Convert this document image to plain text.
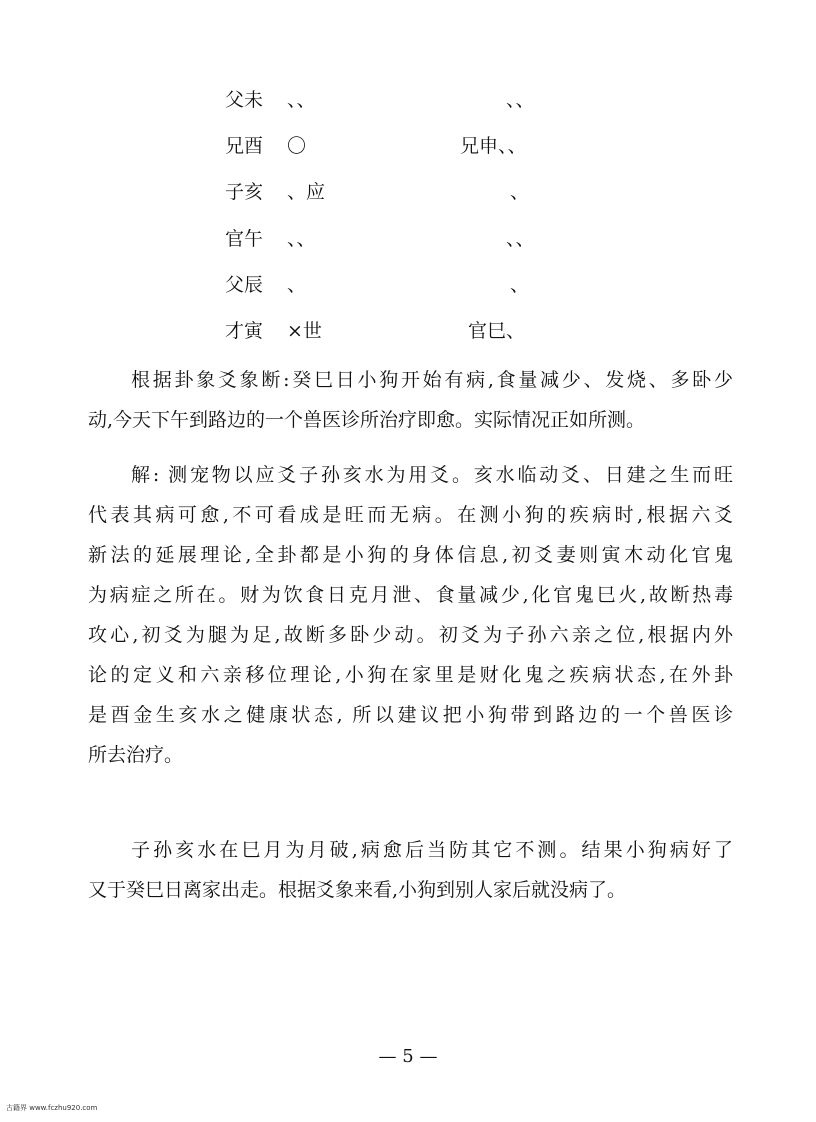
父未 、、	、、
兄酉 〇	兄申、、
子亥 、应	、
官午 、、	、、
父辰 、	、
才寅 ×世	官巳、
根据卦象爻象断:癸巳日小狗开始有病,食量减少、发烧、多卧少
动,今天下午到路边的一个兽医诊所治疗即愈。实际情况正如所测。
解: 测宠物以应爻子孙亥水为用爻。亥水临动爻、日建之生而旺
代表其病可愈,不可看成是旺而无病。在测小狗的疾病时,根据六爻
新法的延展理论,全卦都是小狗的身体信息,初爻妻则寅木动化官鬼
为病症之所在。财为饮食日克月泄、食量减少,化官鬼巳火,故断热毒
攻心,初爻为腿为足,故断多卧少动。初爻为子孙六亲之位,根据内外
论的定义和六亲移位理论,小狗在家里是财化鬼之疾病状态,在外卦
是酉金生亥水之健康状态, 所以建议把小狗带到路边的一个兽医诊
所去治疗。
子孙亥水在巳月为月破,病愈后当防其它不测。结果小狗病好了
又于癸巳日离家出走。根据爻象来看,小狗到别人家后就没病了。
— 5 —
古籍界 www.fczhu920.com
